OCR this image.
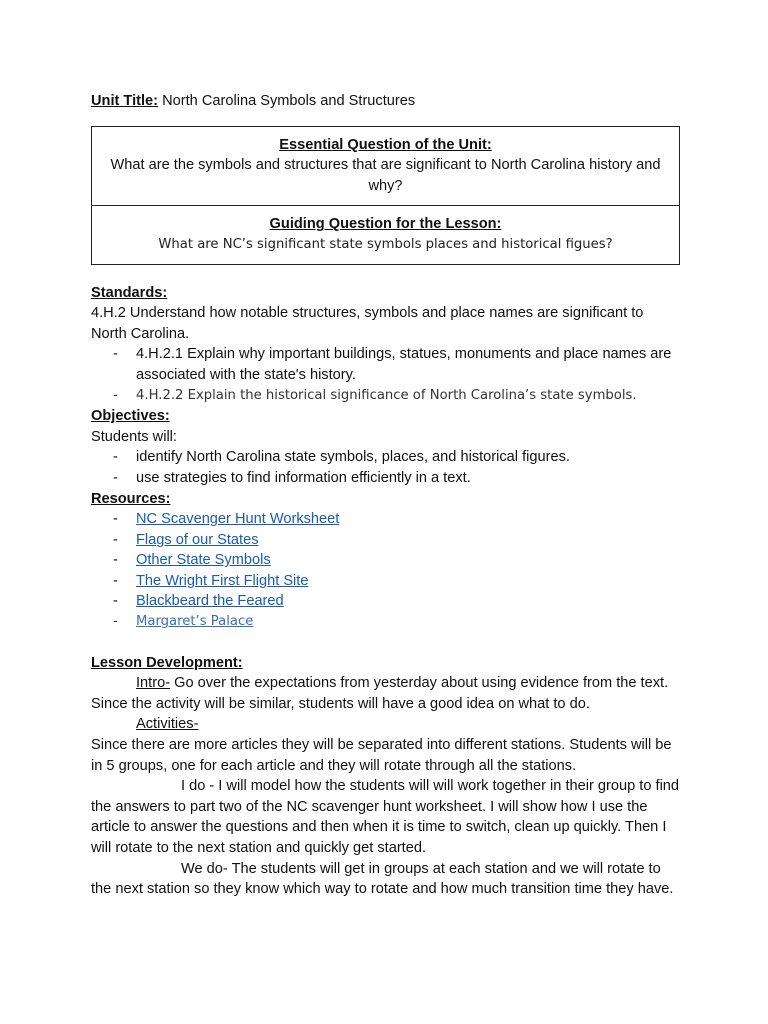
Unit Title: North Carolina Symbols and Structures

Essential Question of the Unit:
What are the symbols and structures that are significant to North Carolina history and why?
Guiding Question for the Lesson:
What are NC’s significant state symbols places and historical figues?

Standards:

4.H.2 Understand how notable structures, symbols and place names are significant to North Carolina.

- 4.H.2.1 Explain why important buildings, statues, monuments and place names are associated with the state's history.
- 4.H.2.2 Explain the historical significance of North Carolina’s state symbols.

Objectives:

Students will:

- identify North Carolina state symbols, places, and historical figures.
- use strategies to find information efficiently in a text.

Resources:

- NC Scavenger Hunt Worksheet
- Flags of our States
- Other State Symbols
- The Wright First Flight Site
- Blackbeard the Feared
- Margaret’s Palace

Lesson Development:

Intro- Go over the expectations from yesterday about using evidence from the text. Since the activity will be similar, students will have a good idea on what to do.

Activities-

Since there are more articles they will be separated into different stations. Students will be in 5 groups, one for each article and they will rotate through all the stations.

I do - I will model how the students will will work together in their group to find the answers to part two of the NC scavenger hunt worksheet. I will show how I use the article to answer the questions and then when it is time to switch, clean up quickly. Then I will rotate to the next station and quickly get started.

We do- The students will get in groups at each station and we will rotate to the next station so they know which way to rotate and how much transition time they have.
